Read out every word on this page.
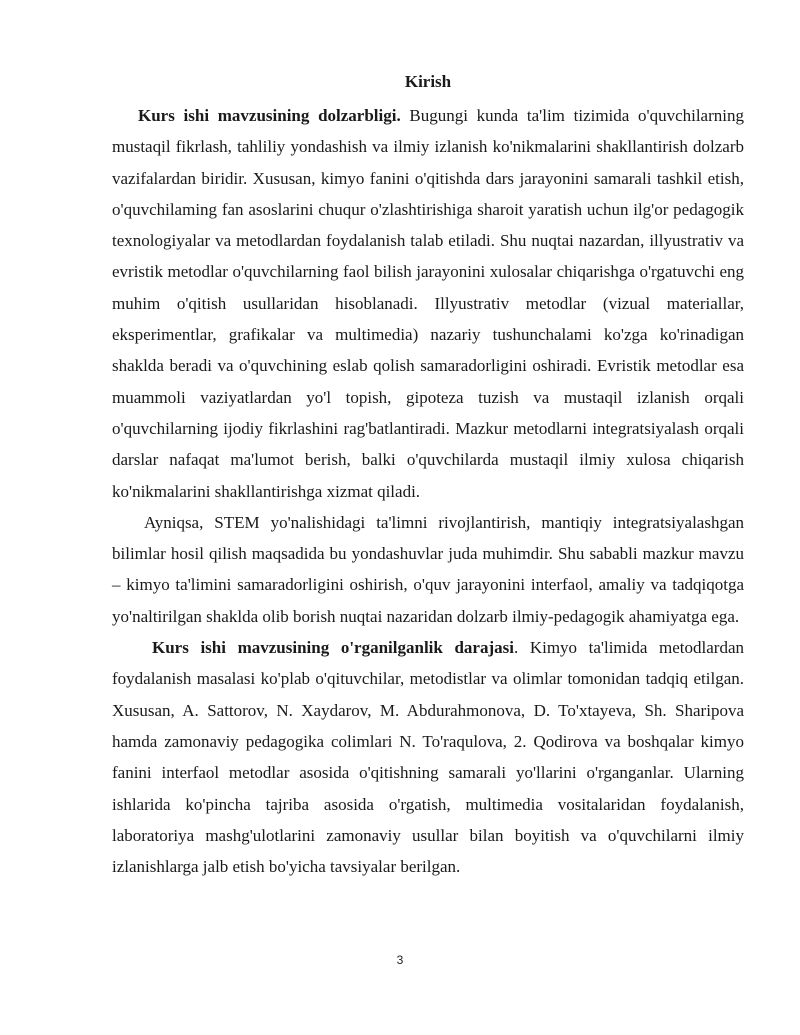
Kirish

Kurs ishi mavzusining dolzarbligi. Bugungi kunda ta'lim tizimida o'quvchilarning mustaqil fikrlash, tahliliy yondashish va ilmiy izlanish ko'nikmalarini shakllantirish dolzarb vazifalardan biridir. Xususan, kimyo fanini o'qitishda dars jarayonini samarali tashkil etish, o'quvchilaming fan asoslarini chuqur o'zlashtirishiga sharoit yaratish uchun ilg'or pedagogik texnologiyalar va metodlardan foydalanish talab etiladi. Shu nuqtai nazardan, illyustrativ va evristik metodlar o'quvchilarning faol bilish jarayonini xulosalar chiqarishga o'rgatuvchi eng muhim o'qitish usullaridan hisoblanadi. Illyustrativ metodlar (vizual materiallar, eksperimentlar, grafikalar va multimedia) nazariy tushunchalami ko'zga ko'rinadigan shaklda beradi va o'quvchining eslab qolish samaradorligini oshiradi. Evristik metodlar esa muammoli vaziyatlardan yo'l topish, gipoteza tuzish va mustaqil izlanish orqali o'quvchilarning ijodiy fikrlashini rag'batlantiradi. Mazkur metodlarni integratsiyalash orqali darslar nafaqat ma'lumot berish, balki o'quvchilarda mustaqil ilmiy xulosa chiqarish ko'nikmalarini shakllantirishga xizmat qiladi.

Ayniqsa, STEM yo'nalishidagi ta'limni rivojlantirish, mantiqiy integratsiyalashgan bilimlar hosil qilish maqsadida bu yondashuvlar juda muhimdir. Shu sababli mazkur mavzu – kimyo ta'limini samaradorligini oshirish, o'quv jarayonini interfaol, amaliy va tadqiqotga yo'naltirilgan shaklda olib borish nuqtai nazaridan dolzarb ilmiy-pedagogik ahamiyatga ega.

Kurs ishi mavzusining o'rganilganlik darajasi. Kimyo ta'limida metodlardan foydalanish masalasi ko'plab o'qituvchilar, metodistlar va olimlar tomonidan tadqiq etilgan. Xususan, A. Sattorov, N. Xaydarov, M. Abdurahmonova, D. To'xtayeva, Sh. Sharipova hamda zamonaviy pedagogika colimlari N. To'raqulova, 2. Qodirova va boshqalar kimyo fanini interfaol metodlar asosida o'qitishning samarali yo'llarini o'rganganlar. Ularning ishlarida ko'pincha tajriba asosida o'rgatish, multimedia vositalaridan foydalanish, laboratoriya mashg'ulotlarini zamonaviy usullar bilan boyitish va o'quvchilarni ilmiy izlanishlarga jalb etish bo'yicha tavsiyalar berilgan.

3
